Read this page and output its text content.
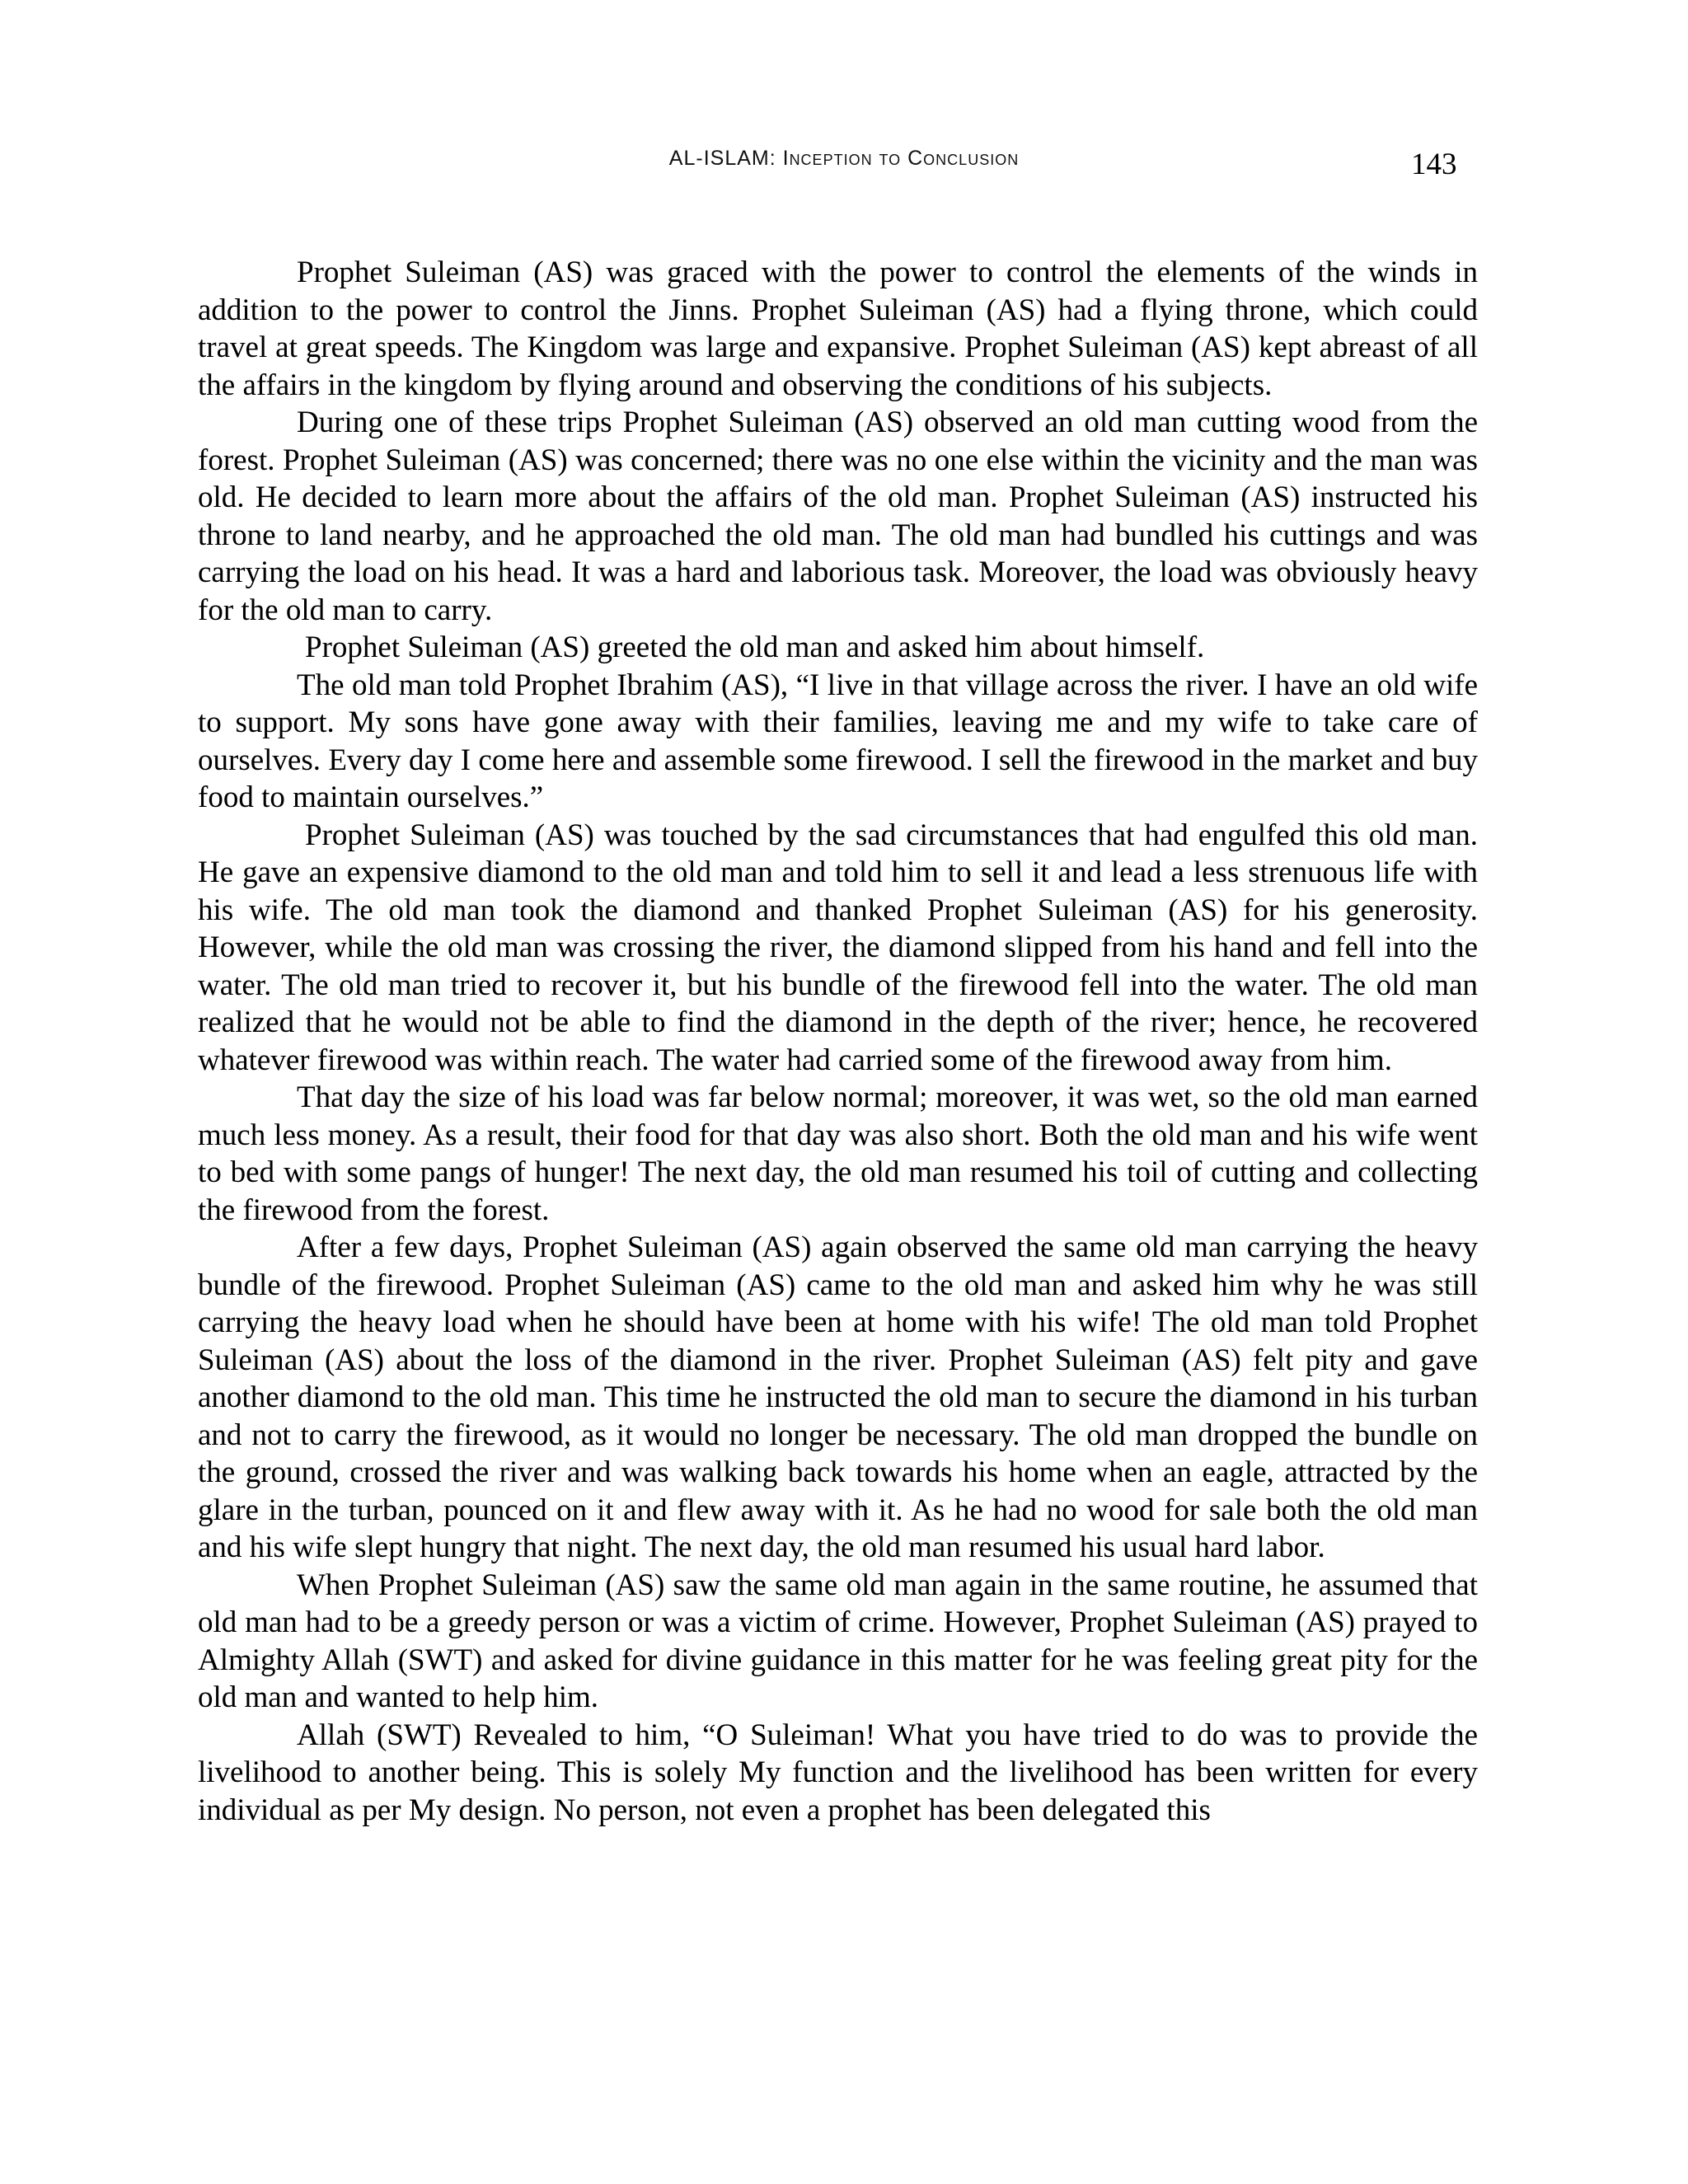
AL-ISLAM: Inception to Conclusion	143

Prophet Suleiman (AS) was graced with the power to control the elements of the winds in addition to the power to control the Jinns. Prophet Suleiman (AS) had a flying throne, which could travel at great speeds. The Kingdom was large and expansive. Prophet Suleiman (AS) kept abreast of all the affairs in the kingdom by flying around and observing the conditions of his subjects.

During one of these trips Prophet Suleiman (AS) observed an old man cutting wood from the forest. Prophet Suleiman (AS) was concerned; there was no one else within the vicinity and the man was old. He decided to learn more about the affairs of the old man. Prophet Suleiman (AS) instructed his throne to land nearby, and he approached the old man. The old man had bundled his cuttings and was carrying the load on his head. It was a hard and laborious task. Moreover, the load was obviously heavy for the old man to carry.

Prophet Suleiman (AS) greeted the old man and asked him about himself.

The old man told Prophet Ibrahim (AS), “I live in that village across the river. I have an old wife to support. My sons have gone away with their families, leaving me and my wife to take care of ourselves. Every day I come here and assemble some firewood. I sell the firewood in the market and buy food to maintain ourselves.”

Prophet Suleiman (AS) was touched by the sad circumstances that had engulfed this old man. He gave an expensive diamond to the old man and told him to sell it and lead a less strenuous life with his wife. The old man took the diamond and thanked Prophet Suleiman (AS) for his generosity. However, while the old man was crossing the river, the diamond slipped from his hand and fell into the water. The old man tried to recover it, but his bundle of the firewood fell into the water. The old man realized that he would not be able to find the diamond in the depth of the river; hence, he recovered whatever firewood was within reach. The water had carried some of the firewood away from him.

That day the size of his load was far below normal; moreover, it was wet, so the old man earned much less money. As a result, their food for that day was also short. Both the old man and his wife went to bed with some pangs of hunger! The next day, the old man resumed his toil of cutting and collecting the firewood from the forest.

After a few days, Prophet Suleiman (AS) again observed the same old man carrying the heavy bundle of the firewood. Prophet Suleiman (AS) came to the old man and asked him why he was still carrying the heavy load when he should have been at home with his wife! The old man told Prophet Suleiman (AS) about the loss of the diamond in the river. Prophet Suleiman (AS) felt pity and gave another diamond to the old man. This time he instructed the old man to secure the diamond in his turban and not to carry the firewood, as it would no longer be necessary. The old man dropped the bundle on the ground, crossed the river and was walking back towards his home when an eagle, attracted by the glare in the turban, pounced on it and flew away with it. As he had no wood for sale both the old man and his wife slept hungry that night. The next day, the old man resumed his usual hard labor.

When Prophet Suleiman (AS) saw the same old man again in the same routine, he assumed that old man had to be a greedy person or was a victim of crime. However, Prophet Suleiman (AS) prayed to Almighty Allah (SWT) and asked for divine guidance in this matter for he was feeling great pity for the old man and wanted to help him.

Allah (SWT) Revealed to him, “O Suleiman! What you have tried to do was to provide the livelihood to another being. This is solely My function and the livelihood has been written for every individual as per My design. No person, not even a prophet has been delegated this
